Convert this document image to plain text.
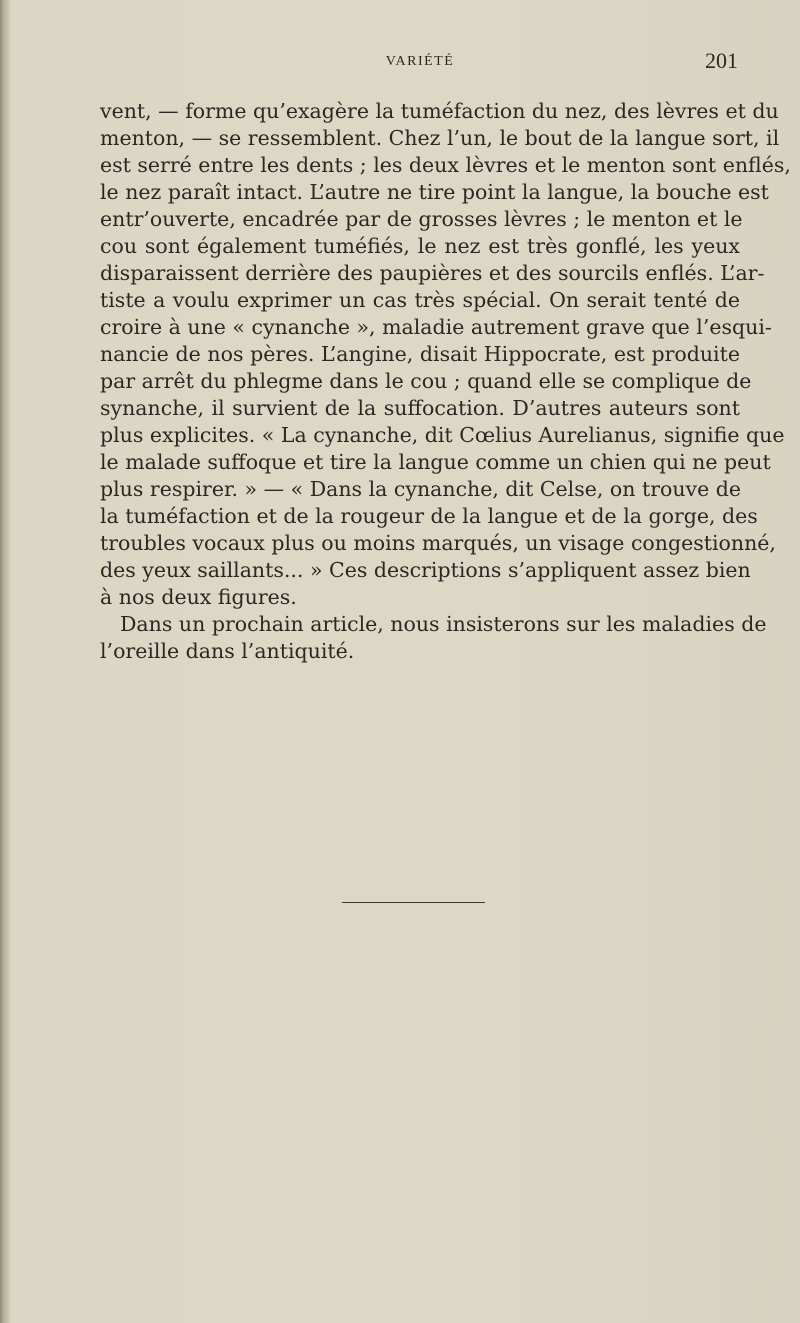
VARIÉTÉ	201
vent, — forme qu’exagère la tuméfaction du nez, des lèvres et du
menton, — se ressemblent. Chez l’un, le bout de la langue sort, il
est serré entre les dents ; les deux lèvres et le menton sont enflés,
le nez paraît intact. L’autre ne tire point la langue, la bouche est
entr’ouverte, encadrée par de grosses lèvres ; le menton et le
cou sont également tuméfiés, le nez est très gonflé, les yeux
disparaissent derrière des paupières et des sourcils enflés. L’ar-
tiste a voulu exprimer un cas très spécial. On serait tenté de
croire à une « cynanche », maladie autrement grave que l’esqui-
nancie de nos pères. L’angine, disait Hippocrate, est produite
par arrêt du phlegme dans le cou ; quand elle se complique de
synanche, il survient de la suffocation. D’autres auteurs sont
plus explicites. « La cynanche, dit Cœlius Aurelianus, signifie que
le malade suffoque et tire la langue comme un chien qui ne peut
plus respirer. » — « Dans la cynanche, dit Celse, on trouve de
la tuméfaction et de la rougeur de la langue et de la gorge, des
troubles vocaux plus ou moins marqués, un visage congestionné,
des yeux saillants... » Ces descriptions s’appliquent assez bien
à nos deux figures.
Dans un prochain article, nous insisterons sur les maladies de
l’oreille dans l’antiquité.
